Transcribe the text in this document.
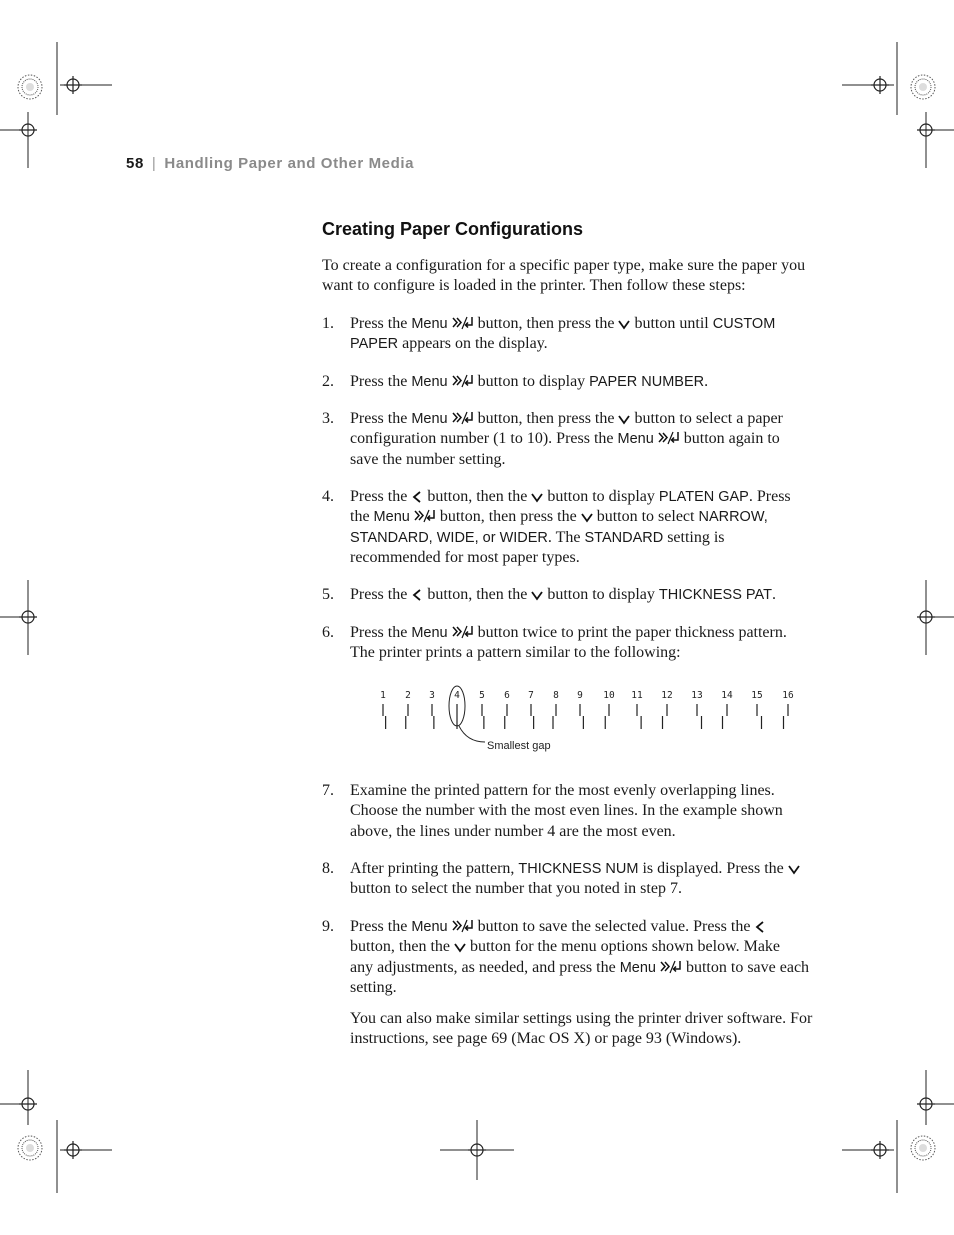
58 | Handling Paper and Other Media
Creating Paper Configurations
To create a configuration for a specific paper type, make sure the paper you
want to configure is loaded in the printer. Then follow these steps:
1. Press the Menu button, then press the button until CUSTOM
PAPER appears on the display.
2. Press the Menu button to display PAPER NUMBER.
3. Press the Menu button, then press the button to select a paper
configuration number (1 to 10). Press the Menu button again to
save the number setting.
4. Press the button, then the button to display PLATEN GAP. Press
the Menu button, then press the button to select NARROW,
STANDARD, WIDE, or WIDER. The STANDARD setting is
recommended for most paper types.
5. Press the button, then the button to display THICKNESS PAT.
6. Press the Menu button twice to print the paper thickness pattern.
The printer prints a pattern similar to the following:
1 2 3 4
Smallest gap
5 6 7 8 9 10 11 12 13 14 15 16
7. Examine the printed pattern for the most evenly overlapping lines.
Choose the number with the most even lines. In the example shown
above, the lines under number 4 are the most even.
8. After printing the pattern, THICKNESS NUM is displayed. Press the
button to select the number that you noted in step 7.
9. Press the Menu button to save the selected value. Press the
button, then the button for the menu options shown below. Make
any adjustments, as needed, and press the Menu button to save each
setting.
You can also make similar settings using the printer driver software. For
instructions, see page 69 (Mac OS X) or page 93 (Windows).
